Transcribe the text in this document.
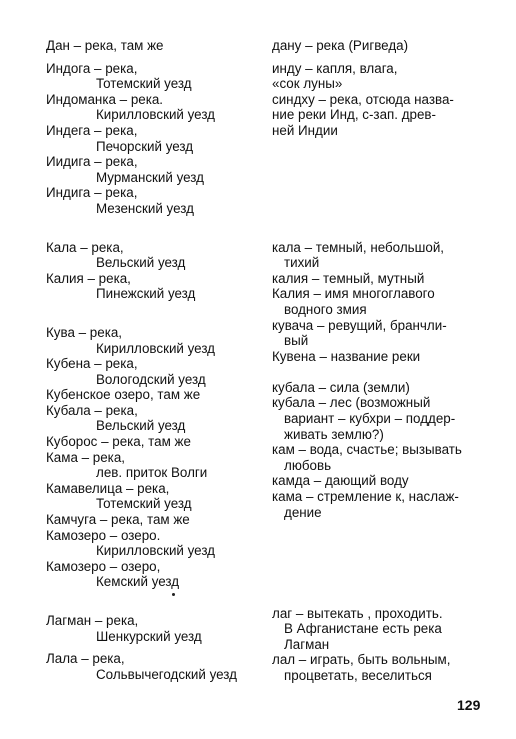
Дан – река, там же
Индога – река,
Тотемский уезд
Индоманка – река.
Кирилловский уезд
Индега – река,
Печорский уезд
Иидига – река,
Мурманский уезд
Индига – река,
Мезенский уезд
Кала – река,
Вельский уезд
Калия – река,
Пинежский уезд
Кува – река,
Кирилловский уезд
Кубена – река,
Вологодский уезд
Кубенское озеро, там же
Кубала – река,
Вельский уезд
Куборос – река, там же
Кама – река,
лев. приток Волги
Камавелица – река,
Тотемский уезд
Камчуга – река, там же
Камозеро – озеро.
Кирилловский уезд
Камозеро – озеро,
Кемский уезд
Лагман – река,
Шенкурский уезд
Лала – река,
Сольвычегодский уезд
дану – река (Ригведа)
инду – капля, влага,
«сок луны»
синдху – река, отсюда назва-
ние реки Инд, с-зап. древ-
ней Индии
кала – темный, небольшой,
тихий
калия – темный, мутный
Калия – имя многоглавого
водного змия
кувача – ревущий, бранчли-
вый
Кувена – название реки
кубала – сила (земли)
кубала – лес (возможный
вариант – кубхри – поддер-
живать землю?)
кам – вода, счастье; вызывать
любовь
камда – дающий воду
кама – стремление к, наслаж-
дение
лаг – вытекать , проходить.
В Афганистане есть река
Лагман
лал – играть, быть вольным,
процветать, веселиться
129
